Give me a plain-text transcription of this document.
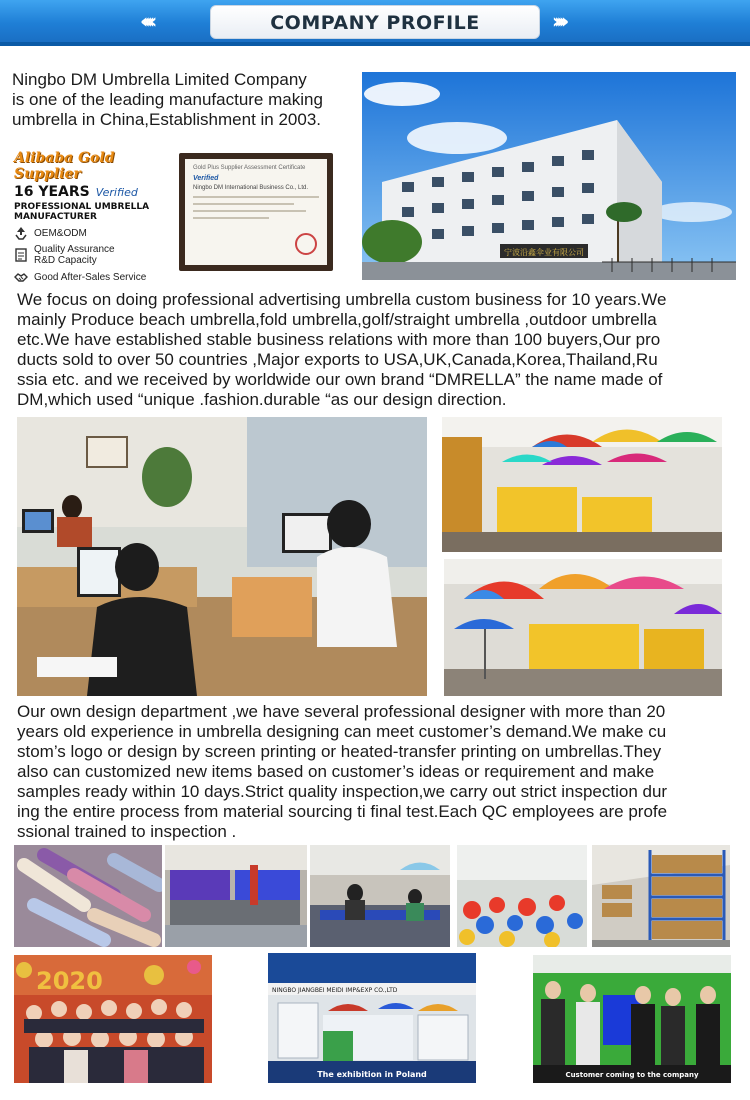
‹‹‹‹‹	COMPANY PROFILE	›››››
Ningbo DM Umbrella Limited Company
is one of the leading manufacture making
umbrella in China,Establishment in 2003.
Alibaba Gold Supplier
16 YEARS Verified
PROFESSIONAL UMBRELLA
MANUFACTURER
OEM&ODM
Quality Assurance
R&D Capacity
Good After-Sales Service
Gold Plus Supplier Assessment Certificate
Verified
Ningbo DM International Business Co., Ltd.
宁波沿鑫伞业有限公司
We focus on doing professional advertising umbrella custom business for 10 years.We
mainly Produce beach umbrella,fold umbrella,golf/straight umbrella ,outdoor umbrella
etc.We have established stable business relations with more than 100 buyers,Our pro
ducts sold to over 50 countries ,Major exports to USA,UK,Canada,Korea,Thailand,Ru
ssia etc. and we received by worldwide our own brand “DMRELLA” the name made of
DM,which used “unique .fashion.durable “as our design direction.
Our own design department ,we have several professional designer with more than 20
years old experience in umbrella designing can meet customer’s demand.We make cu
stom’s logo or design by screen printing or heated-transfer printing on umbrellas.They
also can customized new items based on customer’s ideas or requirement and make
samples ready within 10 days.Strict quality inspection,we carry out strict inspection dur
ing the entire process from material sourcing ti final test.Each QC employees are profe
ssional trained to inspection .
2020	NINGBO JIANGBEI MEIDI IMP&EXP CO.,LTD
The exhibition in Poland	Customer coming to the company
